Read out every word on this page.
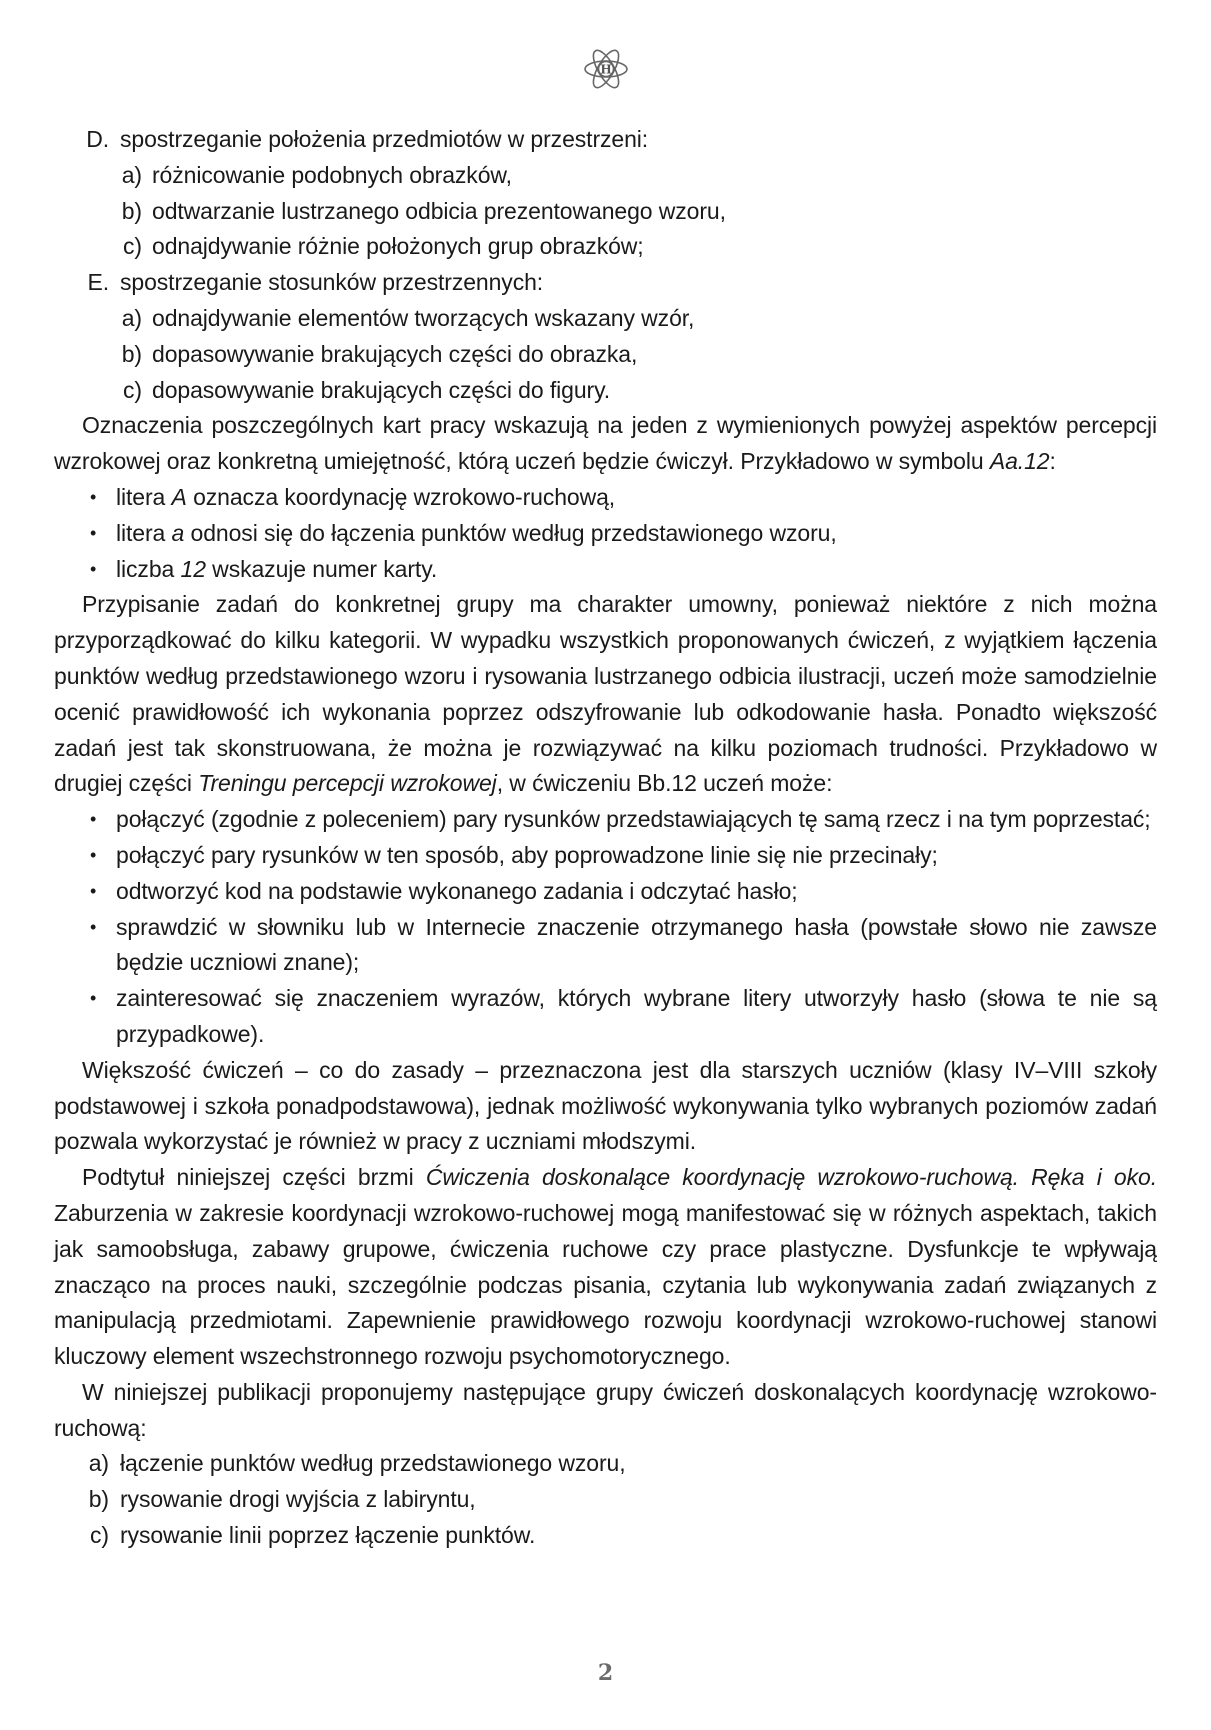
H
D. spostrzeganie położenia przedmiotów w przestrzeni:
a) różnicowanie podobnych obrazków,
b) odtwarzanie lustrzanego odbicia prezentowanego wzoru,
c) odnajdywanie różnie położonych grup obrazków;
E. spostrzeganie stosunków przestrzennych:
a) odnajdywanie elementów tworzących wskazany wzór,
b) dopasowywanie brakujących części do obrazka,
c) dopasowywanie brakujących części do figury.

Oznaczenia poszczególnych kart pracy wskazują na jeden z wymienionych powyżej aspektów percepcji wzrokowej oraz konkretną umiejętność, którą uczeń będzie ćwiczył. Przykładowo w symbolu Aa.12:

• litera A oznacza koordynację wzrokowo-ruchową,
• litera a odnosi się do łączenia punktów według przedstawionego wzoru,
• liczba 12 wskazuje numer karty.

Przypisanie zadań do konkretnej grupy ma charakter umowny, ponieważ niektóre z nich można przyporządkować do kilku kategorii. W wypadku wszystkich proponowanych ćwiczeń, z wyjątkiem łączenia punktów według przedstawionego wzoru i rysowania lustrzanego odbicia ilustracji, uczeń może samodzielnie ocenić prawidłowość ich wykonania poprzez odszyfrowanie lub odkodowanie hasła. Ponadto większość zadań jest tak skonstruowana, że można je rozwiązywać na kilku poziomach trudności. Przykładowo w drugiej części Treningu percepcji wzrokowej, w ćwiczeniu Bb.12 uczeń może:

• połączyć (zgodnie z poleceniem) pary rysunków przedstawiających tę samą rzecz i na tym poprzestać;
• połączyć pary rysunków w ten sposób, aby poprowadzone linie się nie przecinały;
• odtworzyć kod na podstawie wykonanego zadania i odczytać hasło;
• sprawdzić w słowniku lub w Internecie znaczenie otrzymanego hasła (powstałe słowo nie zawsze będzie uczniowi znane);
• zainteresować się znaczeniem wyrazów, których wybrane litery utworzyły hasło (słowa te nie są przypadkowe).

Większość ćwiczeń – co do zasady – przeznaczona jest dla starszych uczniów (klasy IV–VIII szkoły podstawowej i szkoła ponadpodstawowa), jednak możliwość wykonywania tylko wybranych poziomów zadań pozwala wykorzystać je również w pracy z uczniami młodszymi.

Podtytuł niniejszej części brzmi Ćwiczenia doskonalące koordynację wzrokowo-ruchową. Ręka i oko. Zaburzenia w zakresie koordynacji wzrokowo-ruchowej mogą manifestować się w różnych aspektach, takich jak samoobsługa, zabawy grupowe, ćwiczenia ruchowe czy prace plastyczne. Dysfunkcje te wpływają znacząco na proces nauki, szczególnie podczas pisania, czytania lub wykonywania zadań związanych z manipulacją przedmiotami. Zapewnienie prawidłowego rozwoju koordynacji wzrokowo-ruchowej stanowi kluczowy element wszechstronnego rozwoju psychomotorycznego.

W niniejszej publikacji proponujemy następujące grupy ćwiczeń doskonalących koordynację wzrokowo-ruchową:

a) łączenie punktów według przedstawionego wzoru,
b) rysowanie drogi wyjścia z labiryntu,
c) rysowanie linii poprzez łączenie punktów.
2
